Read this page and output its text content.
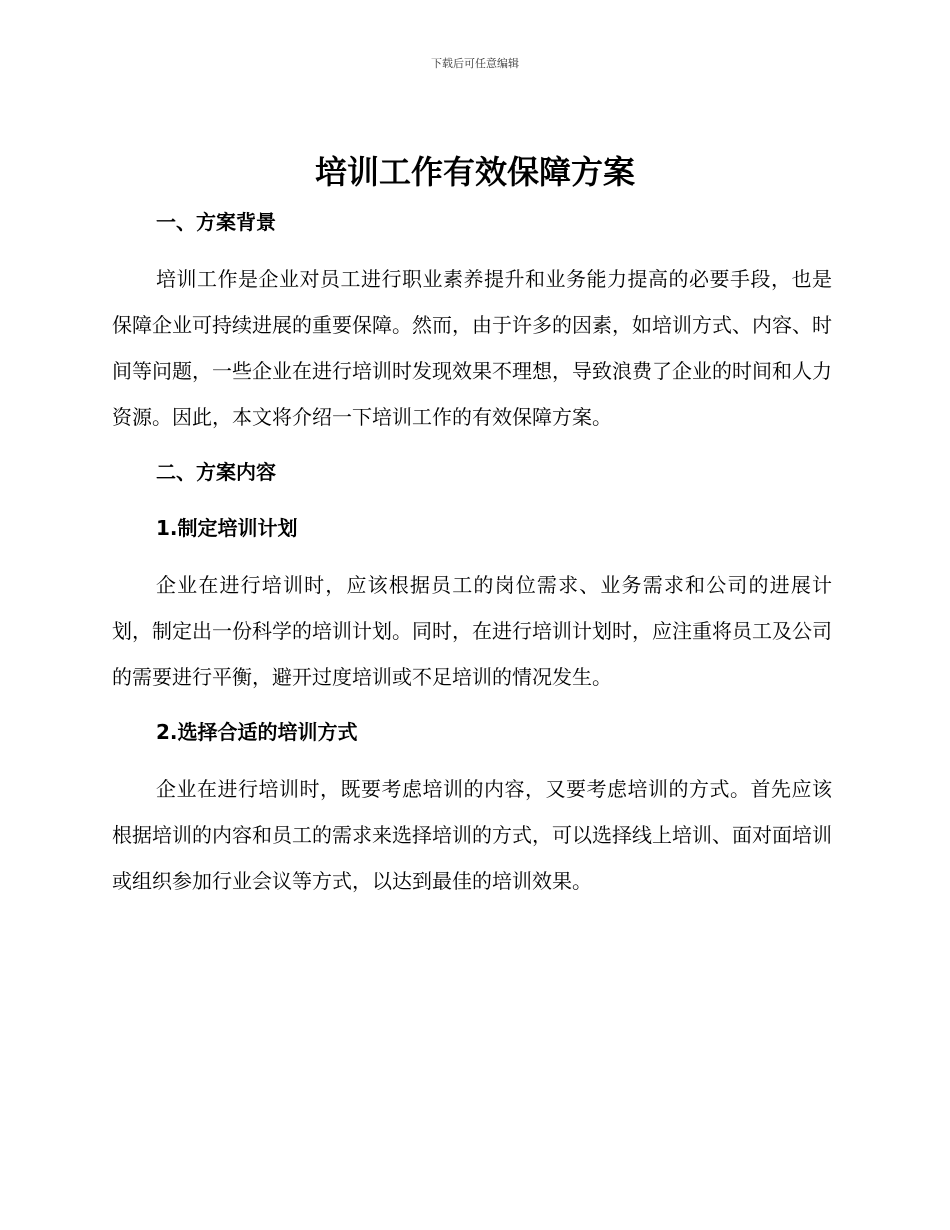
下载后可任意编辑
培训工作有效保障方案
一、方案背景

培训工作是企业对员工进行职业素养提升和业务能力提高的必要手段，也是保障企业可持续进展的重要保障。然而，由于许多的因素，如培训方式、内容、时间等问题，一些企业在进行培训时发现效果不理想，导致浪费了企业的时间和人力资源。因此，本文将介绍一下培训工作的有效保障方案。

二、方案内容
1.制定培训计划

企业在进行培训时，应该根据员工的岗位需求、业务需求和公司的进展计划，制定出一份科学的培训计划。同时，在进行培训计划时，应注重将员工及公司的需要进行平衡，避开过度培训或不足培训的情况发生。

2.选择合适的培训方式

企业在进行培训时，既要考虑培训的内容，又要考虑培训的方式。首先应该根据培训的内容和员工的需求来选择培训的方式，可以选择线上培训、面对面培训或组织参加行业会议等方式，以达到最佳的培训效果。
